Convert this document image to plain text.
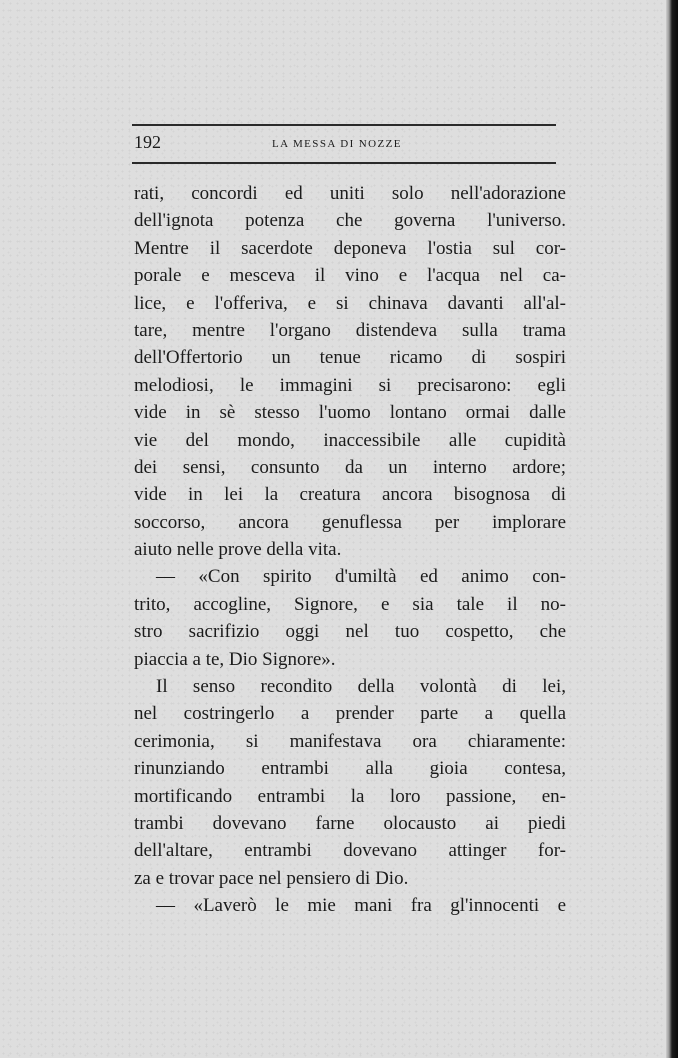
192	LA MESSA DI NOZZE
rati, concordi ed uniti solo nell'adorazione
dell'ignota potenza che governa l'universo.
Mentre il sacerdote deponeva l'ostia sul cor-
porale e mesceva il vino e l'acqua nel ca-
lice, e l'offeriva, e si chinava davanti all'al-
tare, mentre l'organo distendeva sulla trama
dell'Offertorio un tenue ricamo di sospiri
melodiosi, le immagini si precisarono: egli
vide in sè stesso l'uomo lontano ormai dalle
vie del mondo, inaccessibile alle cupidità
dei sensi, consunto da un interno ardore;
vide in lei la creatura ancora bisognosa di
soccorso, ancora genuflessa per implorare
aiuto nelle prove della vita.
— «Con spirito d'umiltà ed animo con-
trito, accogline, Signore, e sia tale il no-
stro sacrifizio oggi nel tuo cospetto, che
piaccia a te, Dio Signore».
Il senso recondito della volontà di lei,
nel costringerlo a prender parte a quella
cerimonia, si manifestava ora chiaramente:
rinunziando entrambi alla gioia contesa,
mortificando entrambi la loro passione, en-
trambi dovevano farne olocausto ai piedi
dell'altare, entrambi dovevano attinger for-
za e trovar pace nel pensiero di Dio.
— «Laverò le mie mani fra gl'innocenti e
